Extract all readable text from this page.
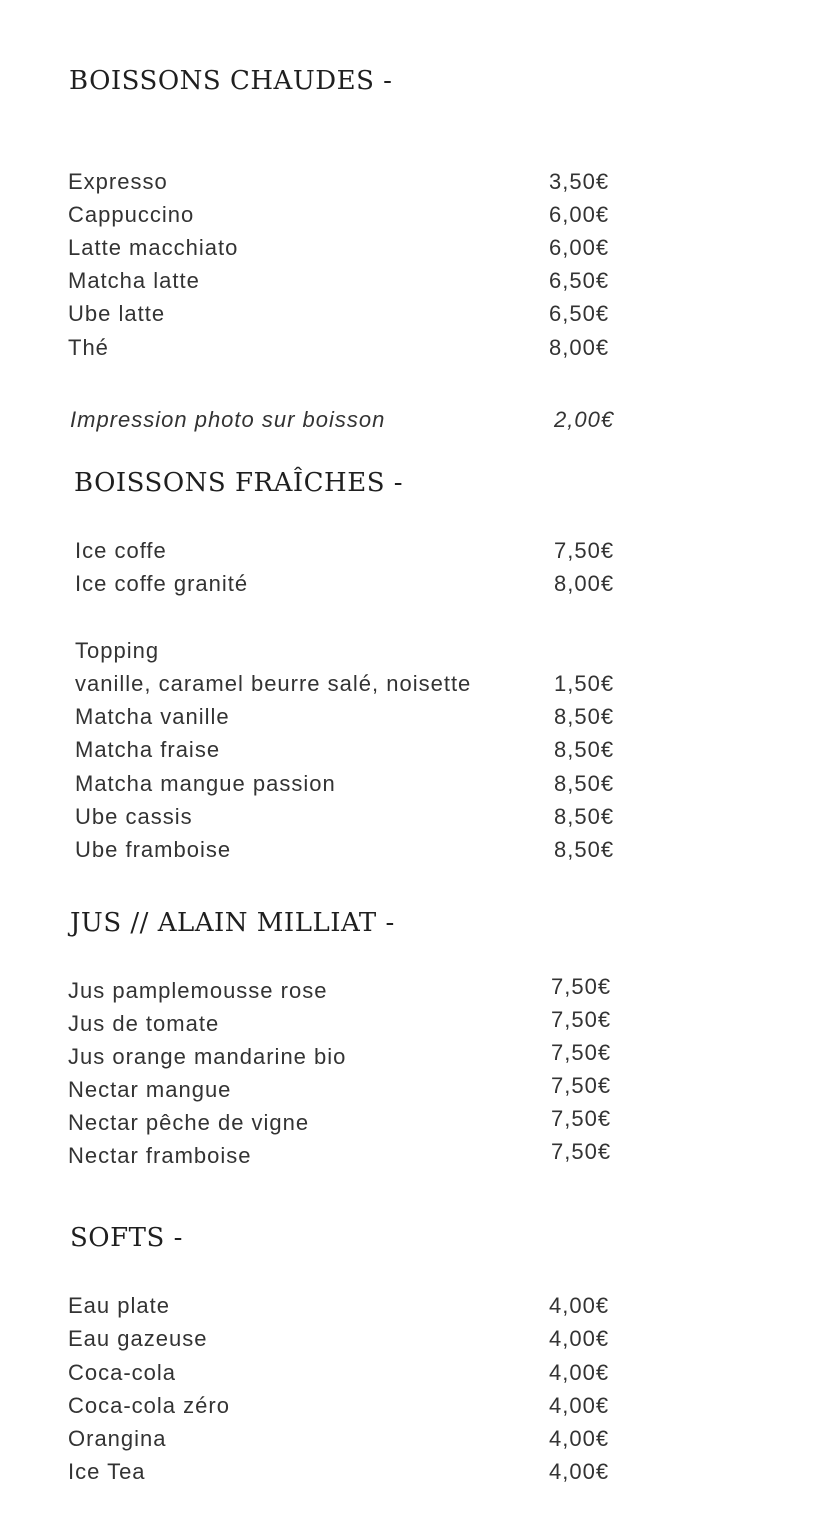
BOISSONS CHAUDES -
Expresso	3,50€
Cappuccino	6,00€
Latte macchiato	6,00€
Matcha latte	6,50€
Ube latte	6,50€
Thé	8,00€
Impression photo sur boisson	2,00€
BOISSONS FRAÎCHES -
Ice coffe	7,50€
Ice coffe granité	8,00€
Topping
vanille, caramel beurre salé, noisette	1,50€
Matcha vanille	8,50€
Matcha fraise	8,50€
Matcha mangue passion	8,50€
Ube cassis	8,50€
Ube framboise	8,50€
JUS // ALAIN MILLIAT -
Jus pamplemousse rose	7,50€
Jus de tomate	7,50€
Jus orange mandarine bio	7,50€
Nectar mangue	7,50€
Nectar pêche de vigne	7,50€
Nectar framboise	7,50€
SOFTS -
Eau plate	4,00€
Eau gazeuse	4,00€
Coca-cola	4,00€
Coca-cola zéro	4,00€
Orangina	4,00€
Ice Tea	4,00€
